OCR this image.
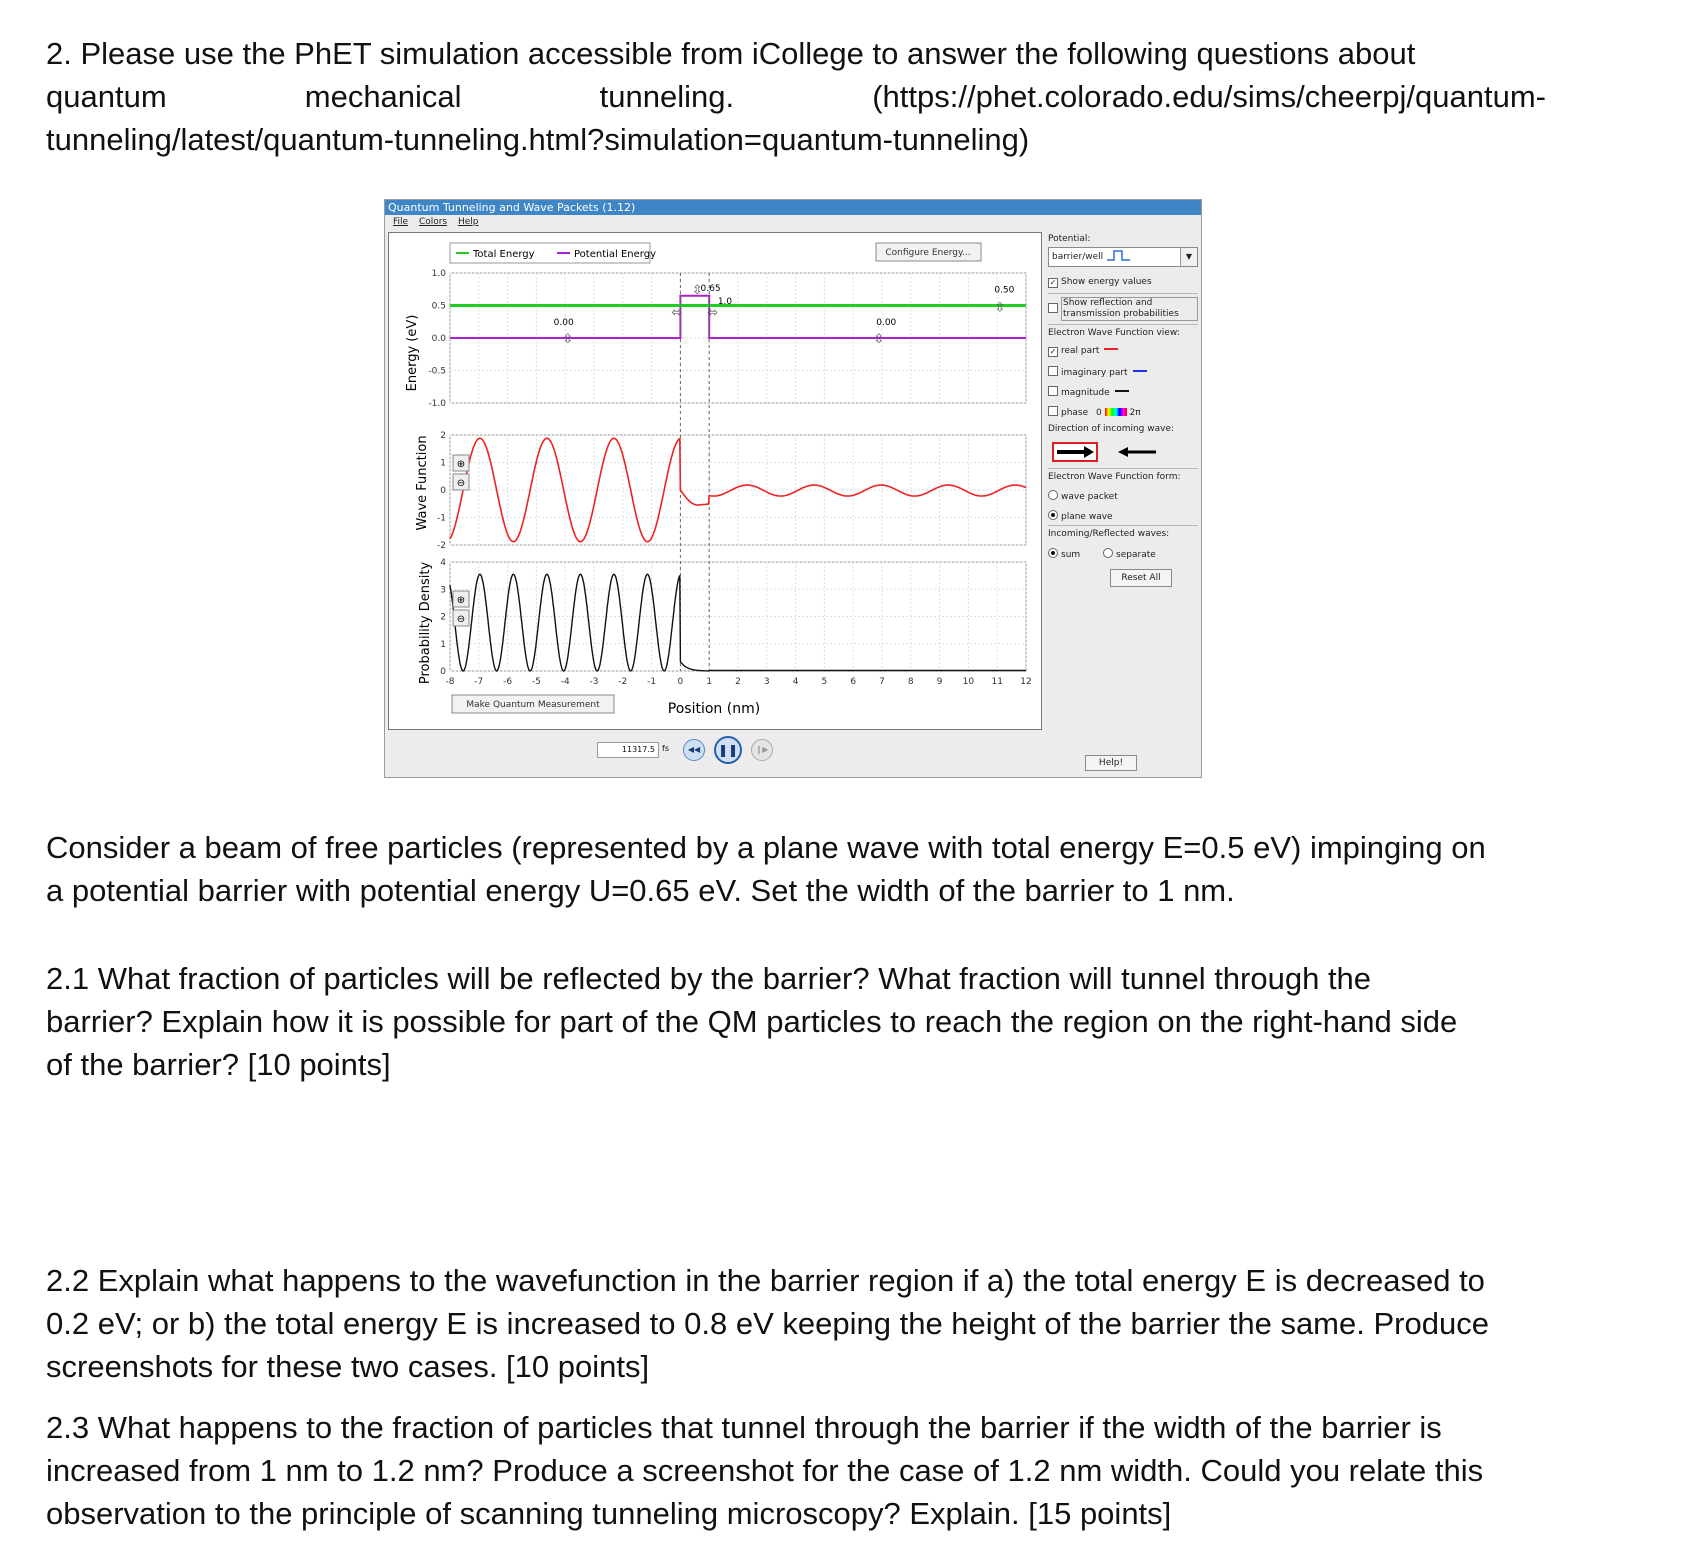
2. Please use the PhET simulation accessible from iCollege to answer the following questions about
quantum	mechanical	tunneling.	(https://phet.colorado.edu/sims/cheerpj/quantum-
tunneling/latest/quantum-tunneling.html?simulation=quantum-tunneling)
Quantum Tunneling and Wave Packets (1.12)
File Colors Help
Total Energy	Potential Energy	Configure Energy...
Energy (eV)
Wave Function
Probability Density
Position (nm)
1.0
0.5
0.0
-0.5
-1.0
2
1
0
-1
-2
4
3
2
1
0
-8 -7 -6 -5 -4 -3 -2 -1 0	1	2	3	4	5	6	7	8	9 10 11 12
0.00
0.65
1.0
0.00
0.50
⇳	⇳
⇳
⇳
⬄ ⬄
⊕
⊖
⊕
⊖
Make Quantum Measurement
Potential:
barrier/well	▼
✓ Show energy values
Show reflection and
transmission probabilities
Electron Wave Function view:
✓ real part
imaginary part
magnitude
phase 0	2π
Direction of incoming wave:
Electron Wave Function form:
wave packet
plane wave
Incoming/Reflected waves:
sum	separate
Reset All
11317.5 fs	◀◀	❚❚	❙▶
Help!
Consider a beam of free particles (represented by a plane wave with total energy E=0.5 eV) impinging on
a potential barrier with potential energy U=0.65 eV. Set the width of the barrier to 1 nm.
2.1 What fraction of particles will be reflected by the barrier? What fraction will tunnel through the
barrier? Explain how it is possible for part of the QM particles to reach the region on the right-hand side
of the barrier? [10 points]
2.2 Explain what happens to the wavefunction in the barrier region if a) the total energy E is decreased to
0.2 eV; or b) the total energy E is increased to 0.8 eV keeping the height of the barrier the same. Produce
screenshots for these two cases. [10 points]
2.3 What happens to the fraction of particles that tunnel through the barrier if the width of the barrier is
increased from 1 nm to 1.2 nm? Produce a screenshot for the case of 1.2 nm width. Could you relate this
observation to the principle of scanning tunneling microscopy? Explain. [15 points]
